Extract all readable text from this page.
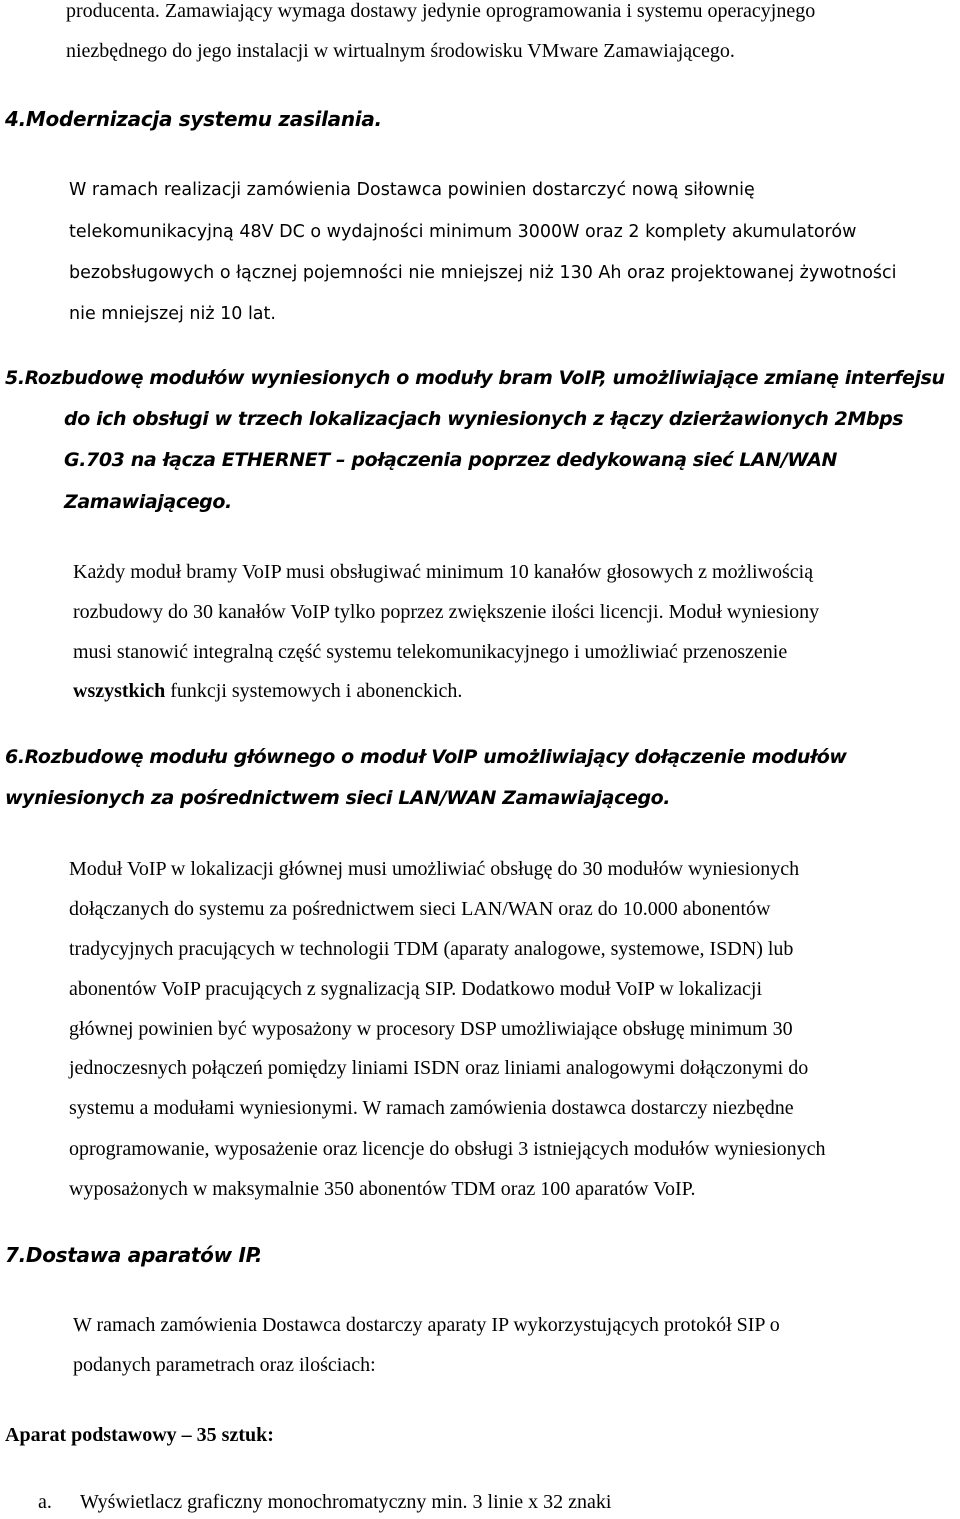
producenta. Zamawiający wymaga dostawy jedynie oprogramowania i systemu operacyjnego
niezbędnego do jego instalacji w wirtualnym środowisku VMware Zamawiającego.
4.Modernizacja systemu zasilania.
W ramach realizacji zamówienia Dostawca powinien dostarczyć nową siłownię
telekomunikacyjną 48V DC o wydajności minimum 3000W oraz 2 komplety akumulatorów
bezobsługowych o łącznej pojemności nie mniejszej niż 130 Ah oraz projektowanej żywotności
nie mniejszej niż 10 lat.
5.Rozbudowę modułów wyniesionych o moduły bram VoIP, umożliwiające zmianę interfejsu
do ich obsługi w trzech lokalizacjach wyniesionych z łączy dzierżawionych 2Mbps
G.703 na łącza ETHERNET – połączenia poprzez dedykowaną sieć LAN/WAN
Zamawiającego.
Każdy moduł bramy VoIP musi obsługiwać minimum 10 kanałów głosowych z możliwością
rozbudowy do 30 kanałów VoIP tylko poprzez zwiększenie ilości licencji. Moduł wyniesiony
musi stanowić integralną część systemu telekomunikacyjnego i umożliwiać przenoszenie
wszystkich funkcji systemowych i abonenckich.
6.Rozbudowę modułu głównego o moduł VoIP umożliwiający dołączenie modułów
wyniesionych za pośrednictwem sieci LAN/WAN Zamawiającego.
Moduł VoIP w lokalizacji głównej musi umożliwiać obsługę do 30 modułów wyniesionych
dołączanych do systemu za pośrednictwem sieci LAN/WAN oraz do 10.000 abonentów
tradycyjnych pracujących w technologii TDM (aparaty analogowe, systemowe, ISDN) lub
abonentów VoIP pracujących z sygnalizacją SIP. Dodatkowo moduł VoIP w lokalizacji
głównej powinien być wyposażony w procesory DSP umożliwiające obsługę minimum 30
jednoczesnych połączeń pomiędzy liniami ISDN oraz liniami analogowymi dołączonymi do
systemu a modułami wyniesionymi. W ramach zamówienia dostawca dostarczy niezbędne
oprogramowanie, wyposażenie oraz licencje do obsługi 3 istniejących modułów wyniesionych
wyposażonych w maksymalnie 350 abonentów TDM oraz 100 aparatów VoIP.
7.Dostawa aparatów IP.
W ramach zamówienia Dostawca dostarczy aparaty IP wykorzystujących protokół SIP o
podanych parametrach oraz ilościach:
Aparat podstawowy – 35 sztuk:
a. Wyświetlacz graficzny monochromatyczny min. 3 linie x 32 znaki
